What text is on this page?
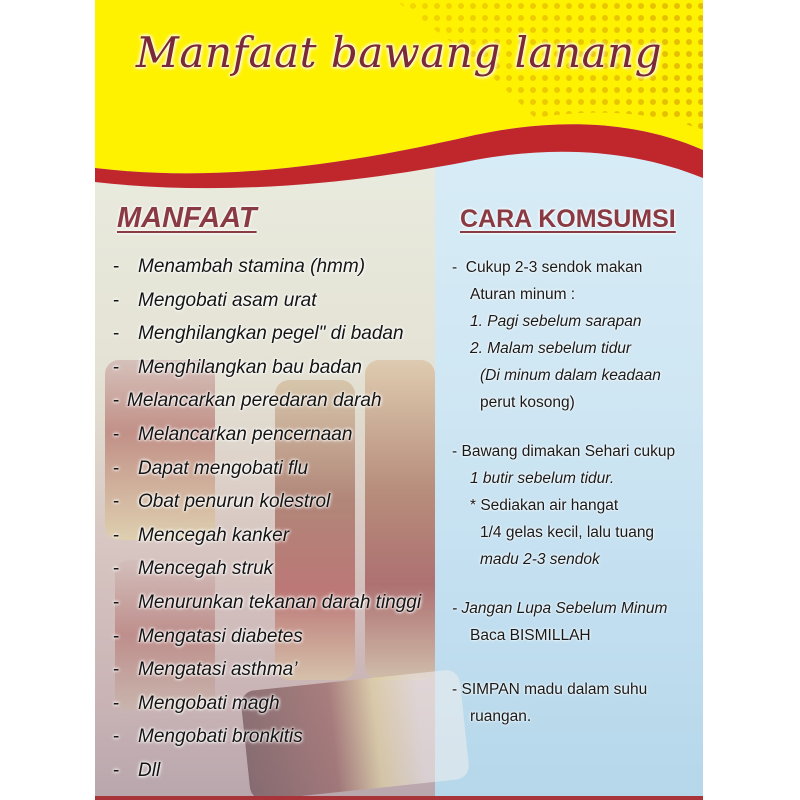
Manfaat bawang lanang
MANFAAT
- Menambah stamina (hmm)
- Mengobati asam urat
- Menghilangkan pegel" di badan
- Menghilangkan bau badan
- Melancarkan peredaran darah
- Melancarkan pencernaan
- Dapat mengobati flu
- Obat penurun kolestrol
- Mencegah kanker
- Mencegah struk
- Menurunkan tekanan darah tinggi
- Mengatasi diabetes
- Mengatasi asthma’
- Mengobati magh
- Mengobati bronkitis
- Dll
CARA KOMSUMSI
- Cukup 2-3 sendok makan
Aturan minum :
1. Pagi sebelum sarapan
2. Malam sebelum tidur
(Di minum dalam keadaan
perut kosong)
- Bawang dimakan Sehari cukup
1 butir sebelum tidur.
* Sediakan air hangat
1/4 gelas kecil, lalu tuang
madu 2-3 sendok
- Jangan Lupa Sebelum Minum
Baca BISMILLAH
- SIMPAN madu dalam suhu
ruangan.
